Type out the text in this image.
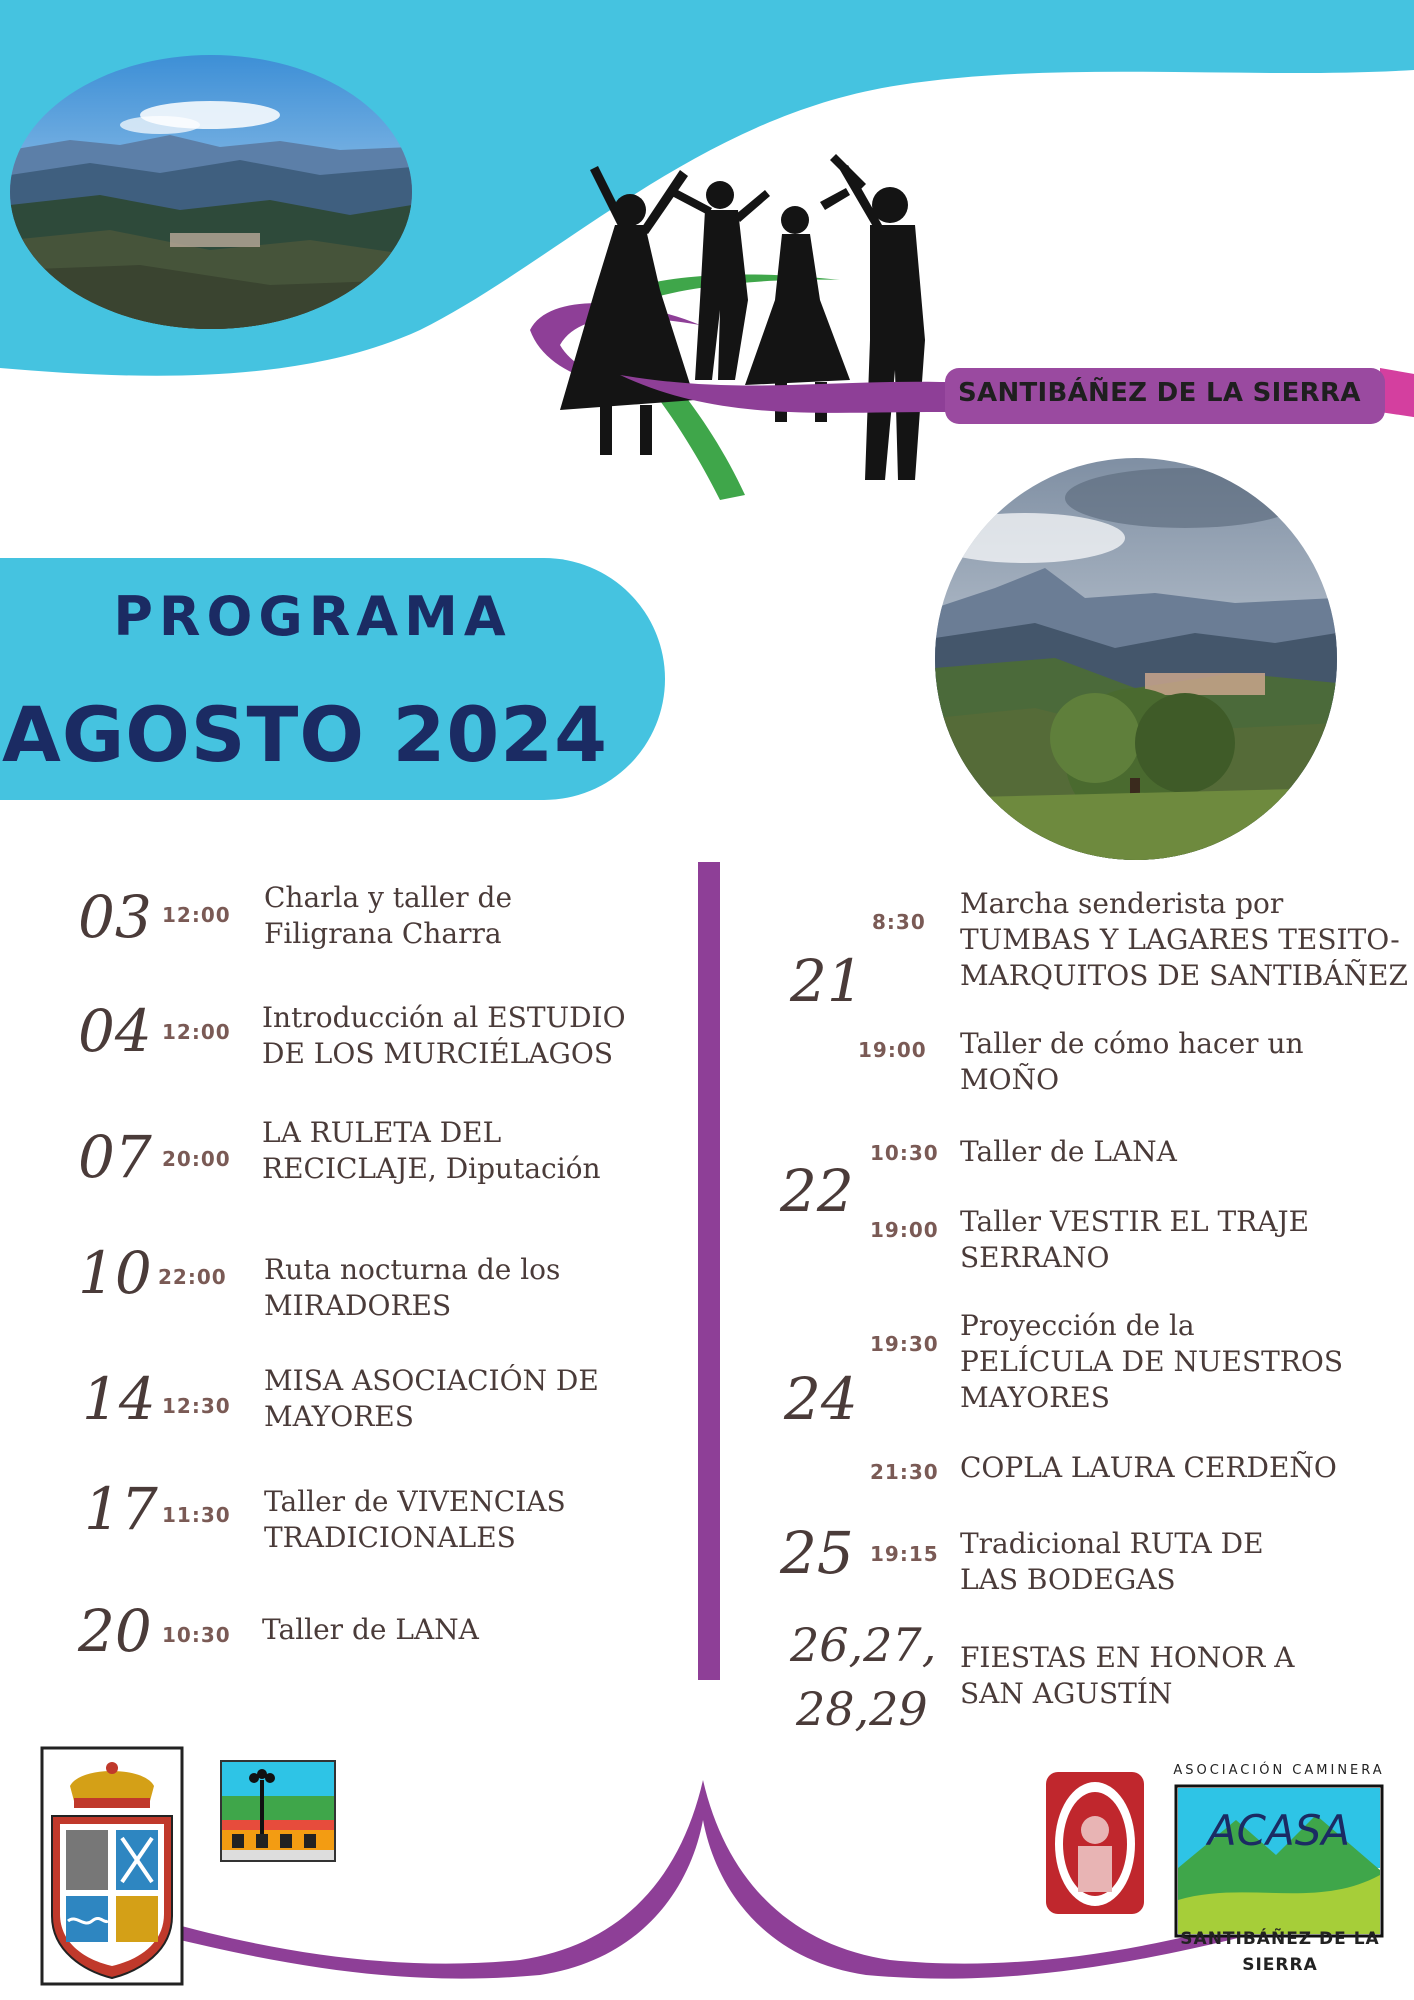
SANTIBÁÑEZ DE LA SIERRA
PROGRAMA
AGOSTO 2024
03 12:00
Charla y taller de
Filigrana Charra
04 12:00 Introducción al ESTUDIO
DE LOS MURCIÉLAGOS
07 20:00
LA RULETA DEL
RECICLAJE, Diputación
10 22:00 Ruta nocturna de los
MIRADORES
14 12:30
MISA ASOCIACIÓN DE
MAYORES
17 11:30 Taller de VIVENCIAS
TRADICIONALES
20 10:30 Taller de LANA
21
8:30
Marcha senderista por
TUMBAS Y LAGARES TESITO-
MARQUITOS DE SANTIBÁÑEZ
19:00 Taller de cómo hacer un
MOÑO
22
10:30 Taller de LANA
19:00 Taller VESTIR EL TRAJE
SERRANO
24
19:30
Proyección de la
PELÍCULA DE NUESTROS
MAYORES
21:30 COPLA LAURA CERDEÑO
25 19:15 Tradicional RUTA DE
LAS BODEGAS
26,27,
28,29
FIESTAS EN HONOR A
SAN AGUSTÍN
ACASA
ASOCIACIÓN CAMINERA
SANTIBÁÑEZ DE LA
SIERRA
